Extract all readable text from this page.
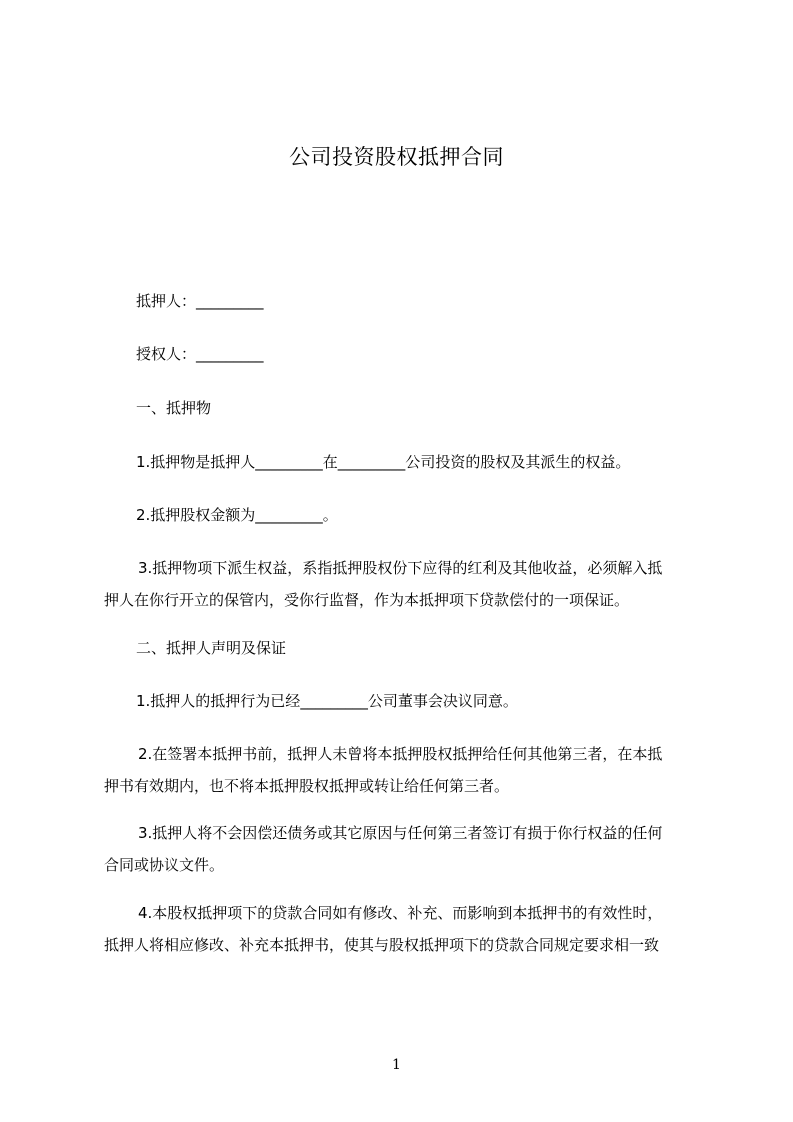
公司投资股权抵押合同
抵押人：_________
授权人：_________
一、抵押物
1.抵押物是抵押人_________在_________公司投资的股权及其派生的权益。
2.抵押股权金额为_________。
3.抵押物项下派生权益，系指抵押股权份下应得的红利及其他收益，必须解入抵
押人在你行开立的保管内，受你行监督，作为本抵押项下贷款偿付的一项保证。
二、抵押人声明及保证
1.抵押人的抵押行为已经_________公司董事会决议同意。
2.在签署本抵押书前，抵押人未曾将本抵押股权抵押给任何其他第三者，在本抵
押书有效期内，也不将本抵押股权抵押或转让给任何第三者。
3.抵押人将不会因偿还债务或其它原因与任何第三者签订有损于你行权益的任何
合同或协议文件。
4.本股权抵押项下的贷款合同如有修改、补充、而影响到本抵押书的有效性时，
抵押人将相应修改、补充本抵押书，使其与股权抵押项下的贷款合同规定要求相一致
1
